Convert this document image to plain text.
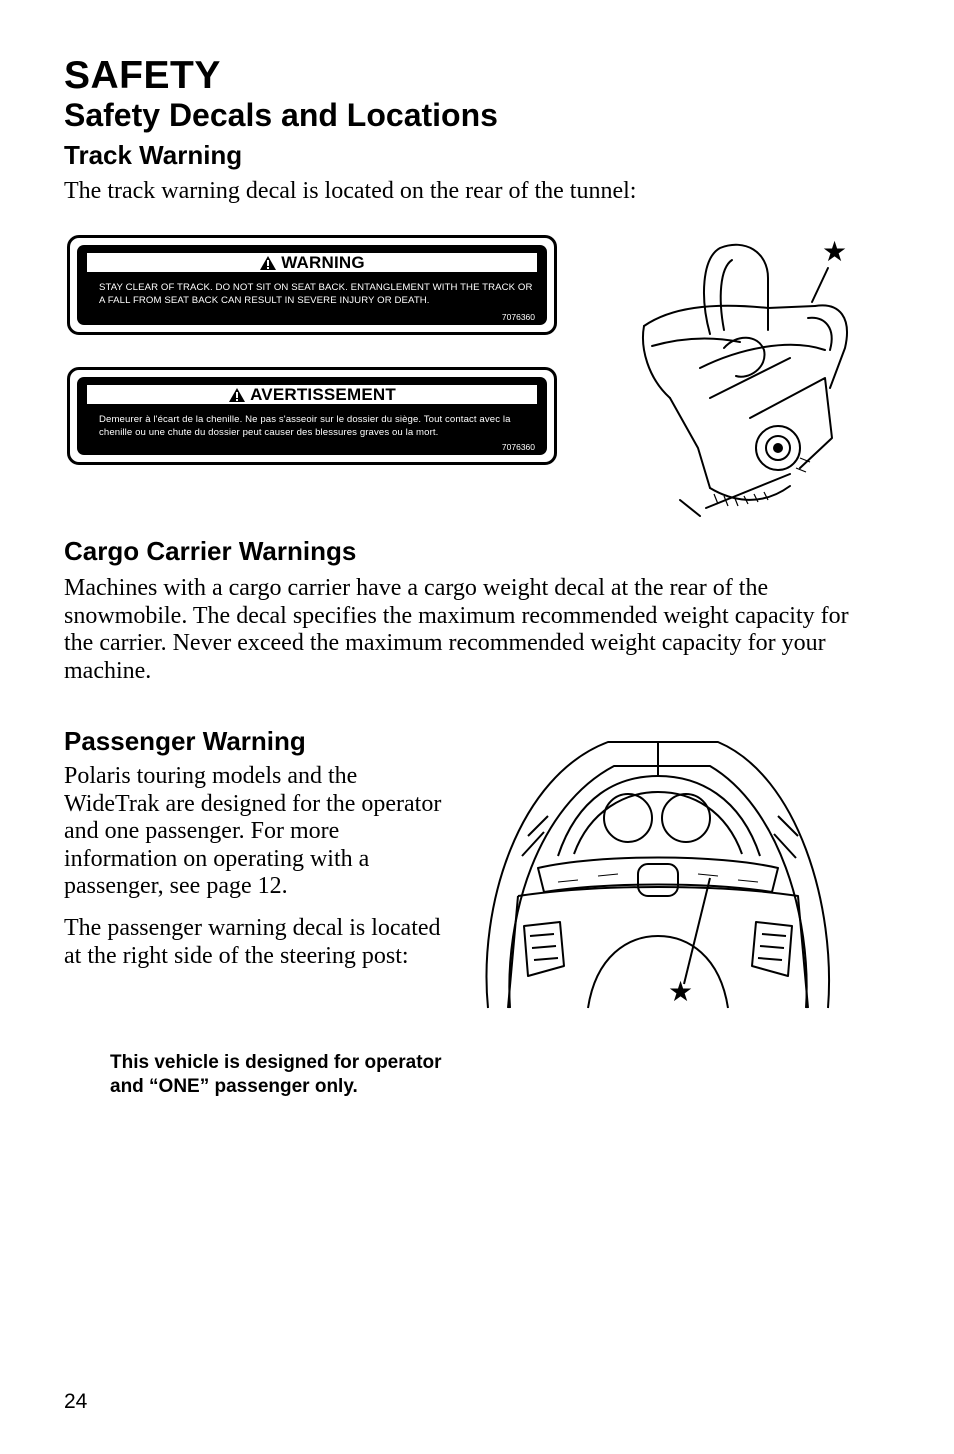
SAFETY
Safety Decals and Locations
Track Warning
The track warning decal is located on the rear of the tunnel:
WARNING
STAY CLEAR OF TRACK. DO NOT SIT ON SEAT BACK. ENTANGLEMENT WITH THE TRACK OR A FALL FROM SEAT BACK CAN RESULT IN SEVERE INJURY OR DEATH.
7076360
AVERTISSEMENT
Demeurer à l'écart de la chenille. Ne pas s'asseoir sur le dossier du siège. Tout contact avec la chenille ou une chute du dossier peut causer des blessures graves ou la mort.
7076360
★
Cargo Carrier Warnings
Machines with a cargo carrier have a cargo weight decal at the rear of the snowmobile. The decal specifies the maximum recommended weight capacity for the carrier. Never exceed the maximum recommended weight capacity for your machine.
Passenger Warning
Polaris touring models and the WideTrak are designed for the operator and one passenger. For more information on operating with a passenger, see page 12.
The passenger warning decal is located at the right side of the steering post:
★
This vehicle is designed for operator and “ONE” passenger only.
24
